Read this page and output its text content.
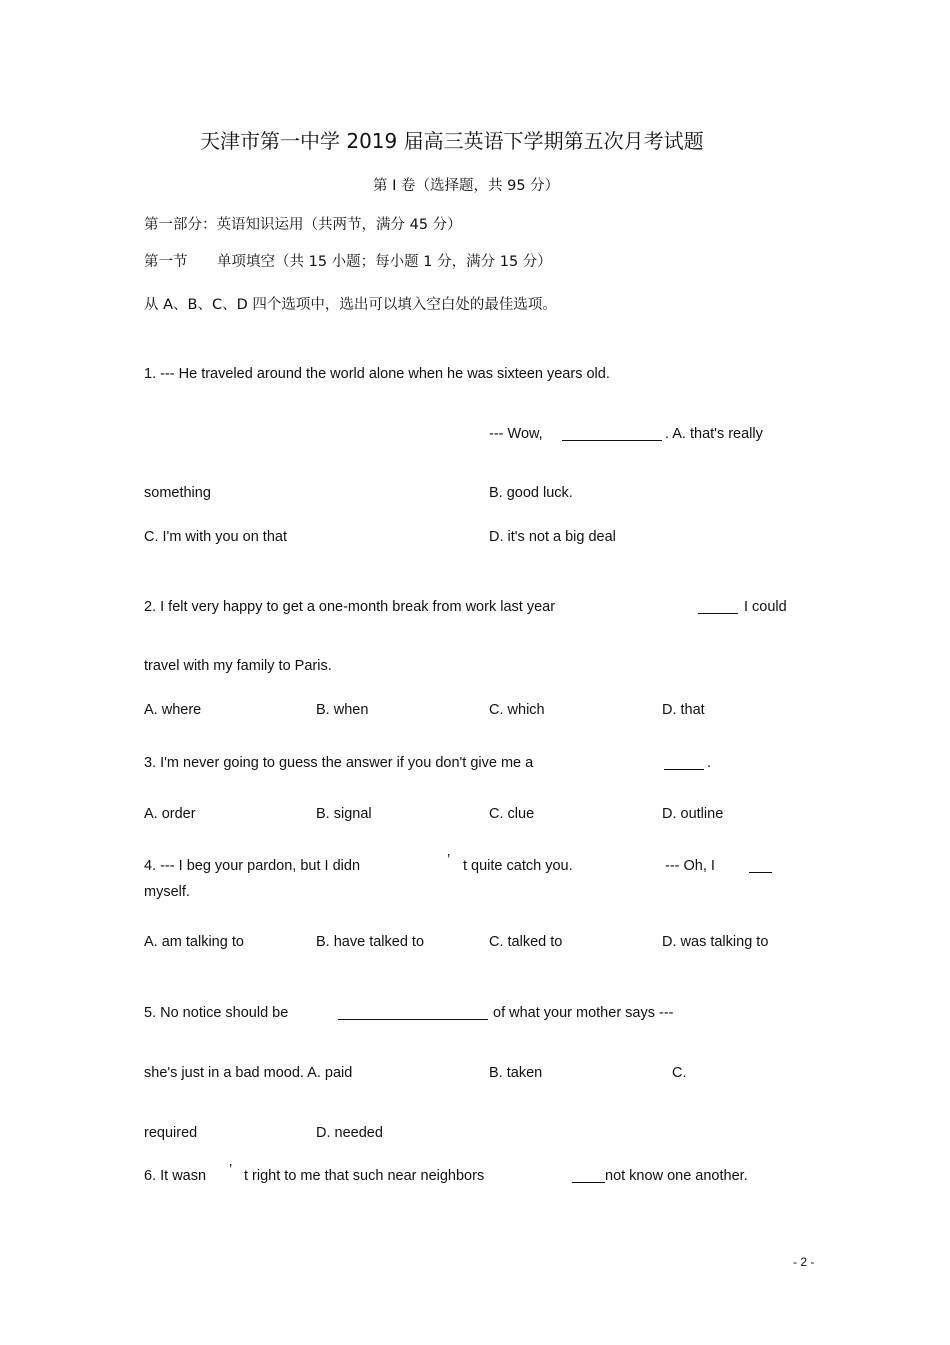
天津市第一中学 2019 届高三英语下学期第五次月考试题
第 I 卷（选择题，共 95 分）
第一部分：英语知识运用（共两节，满分 45 分）
第一节 单项填空（共 15 小题；每小题 1 分，满分 15 分）
从 A、B、C、D 四个选项中，选出可以填入空白处的最佳选项。
1. --- He traveled around the world alone when he was sixteen years old.
--- Wow,	. A. that's really
something	B. good luck.
C. I'm with you on that	D. it's not a big deal
2. I felt very happy to get a one-month break from work last year	I could
travel with my family to Paris.
A. where	B. when	C. which	D. that
3. I'm never going to guess the answer if you don't give me a	.
A. order	B. signal	C. clue	D. outline
4. --- I beg your pardon, but I didn	’ t quite catch you.	--- Oh, I
myself.
A. am talking to	B. have talked to	C. talked to	D. was talking to
5. No notice should be	of what your mother says ---
she's just in a bad mood. A. paid	B. taken	C.
required	D. needed
6. It wasn ’ t right to me that such near neighbors	not know one another.
- 2 -
